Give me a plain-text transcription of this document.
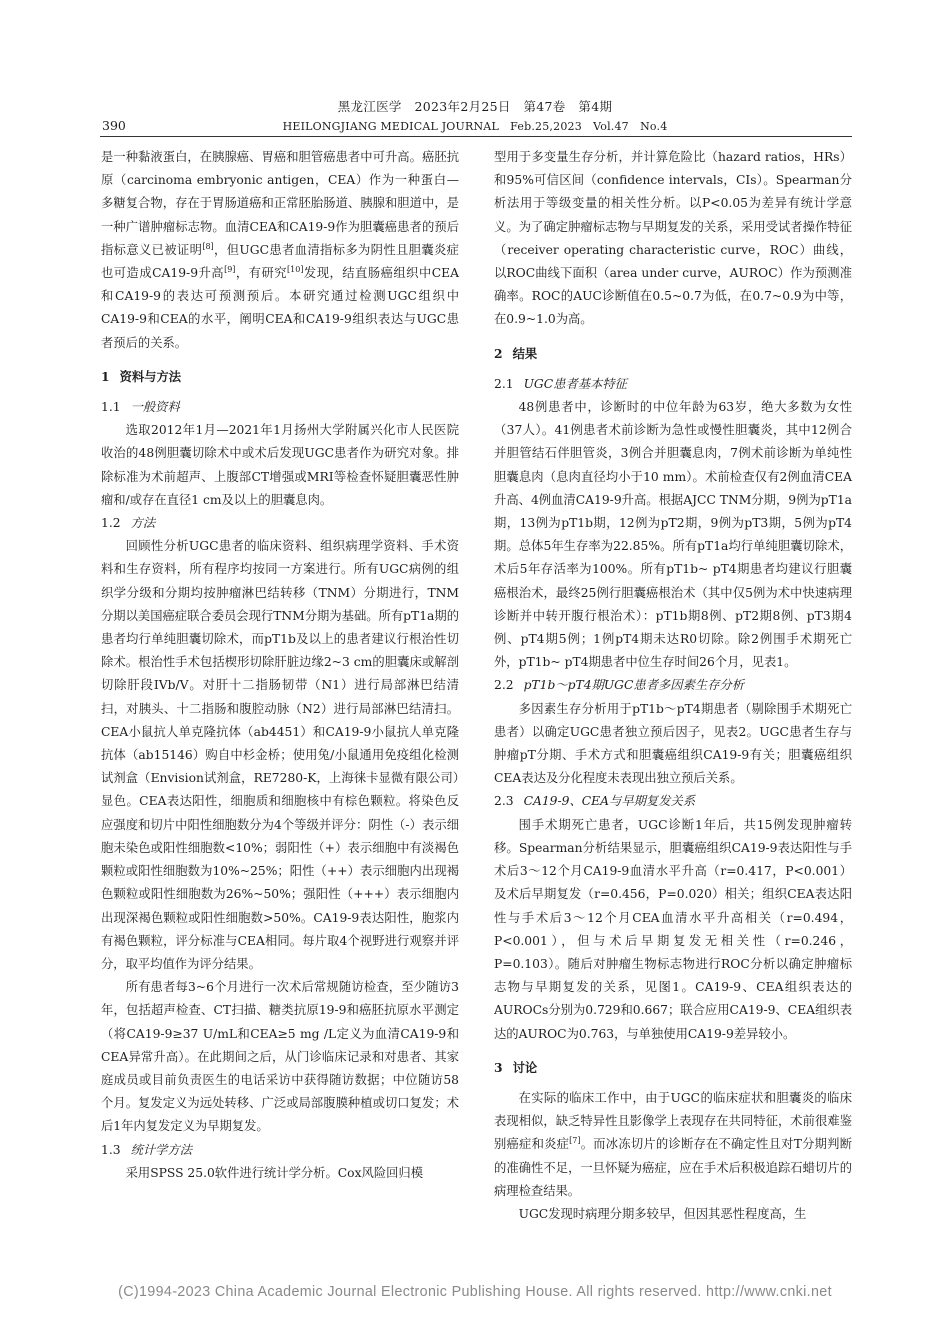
黑龙江医学　2023年2月25日　第47卷　第4期
390	HEILONGJIANG MEDICAL JOURNAL　Feb.25,2023　Vol.47　No.4

是一种黏液蛋白，在胰腺癌、胃癌和胆管癌患者中可升高。癌胚抗原（carcinoma embryonic antigen，CEA）作为一种蛋白—多糖复合物，存在于胃肠道癌和正常胚胎肠道、胰腺和胆道中，是一种广谱肿瘤标志物。血清CEA和CA19-9作为胆囊癌患者的预后指标意义已被证明[8]，但UGC患者血清指标多为阴性且胆囊炎症也可造成CA19-9升高[9]，有研究[10]发现，结直肠癌组织中CEA和CA19-9的表达可预测预后。本研究通过检测UGC组织中CA19-9和CEA的水平，阐明CEA和CA19-9组织表达与UGC患者预后的关系。

1 资料与方法
1.1 一般资料

选取2012年1月—2021年1月扬州大学附属兴化市人民医院收治的48例胆囊切除术中或术后发现UGC患者作为研究对象。排除标准为术前超声、上腹部CT增强或MRI等检查怀疑胆囊恶性肿瘤和/或存在直径1 cm及以上的胆囊息肉。

1.2 方法

回顾性分析UGC患者的临床资料、组织病理学资料、手术资料和生存资料，所有程序均按同一方案进行。所有UGC病例的组织学分级和分期均按肿瘤淋巴结转移（TNM）分期进行，TNM分期以美国癌症联合委员会现行TNM分期为基础。所有pT1a期的患者均行单纯胆囊切除术，而pT1b及以上的患者建议行根治性切除术。根治性手术包括楔形切除肝脏边缘2~3 cm的胆囊床或解剖切除肝段IVb/V。对肝十二指肠韧带（N1）进行局部淋巴结清扫，对胰头、十二指肠和腹腔动脉（N2）进行局部淋巴结清扫。CEA小鼠抗人单克隆抗体（ab4451）和CA19-9小鼠抗人单克隆抗体（ab15146）购自中杉金桥；使用兔/小鼠通用免疫组化检测试剂盒（Envision试剂盒，RE7280-K，上海徕卡显微有限公司）显色。CEA表达阳性，细胞质和细胞核中有棕色颗粒。将染色反应强度和切片中阳性细胞数分为4个等级并评分：阴性（-）表示细胞未染色或阳性细胞数<10%；弱阳性（+）表示细胞中有淡褐色颗粒或阳性细胞数为10%~25%；阳性（++）表示细胞内出现褐色颗粒或阳性细胞数为26%~50%；强阳性（+++）表示细胞内出现深褐色颗粒或阳性细胞数>50%。CA19-9表达阳性，胞浆内有褐色颗粒，评分标准与CEA相同。每片取4个视野进行观察并评分，取平均值作为评分结果。

所有患者每3~6个月进行一次术后常规随访检查，至少随访3年，包括超声检查、CT扫描、糖类抗原19-9和癌胚抗原水平测定（将CA19-9≥37 U/mL和CEA≥5 mg /L定义为血清CA19-9和CEA异常升高）。在此期间之后，从门诊临床记录和对患者、其家庭成员或目前负责医生的电话采访中获得随访数据；中位随访58个月。复发定义为远处转移、广泛或局部腹膜种植或切口复发；术后1年内复发定义为早期复发。

1.3 统计学方法

采用SPSS 25.0软件进行统计学分析。Cox风险回归模

型用于多变量生存分析，并计算危险比（hazard ratios，HRs）和95%可信区间（confidence intervals，CIs）。Spearman分析法用于等级变量的相关性分析。以P<0.05为差异有统计学意义。为了确定肿瘤标志物与早期复发的关系，采用受试者操作特征（receiver operating characteristic curve，ROC）曲线，以ROC曲线下面积（area under curve，AUROC）作为预测准确率。ROC的AUC诊断值在0.5~0.7为低，在0.7~0.9为中等，在0.9~1.0为高。

2 结果
2.1 UGC患者基本特征

48例患者中，诊断时的中位年龄为63岁，绝大多数为女性（37人）。41例患者术前诊断为急性或慢性胆囊炎，其中12例合并胆管结石伴胆管炎，3例合并胆囊息肉，7例术前诊断为单纯性胆囊息肉（息肉直径均小于10 mm）。术前检查仅有2例血清CEA升高、4例血清CA19-9升高。根据AJCC TNM分期，9例为pT1a期，13例为pT1b期，12例为pT2期，9例为pT3期，5例为pT4期。总体5年生存率为22.85%。所有pT1a均行单纯胆囊切除术，术后5年存活率为100%。所有pT1b~ pT4期患者均建议行胆囊癌根治术，最终25例行胆囊癌根治术（其中仅5例为术中快速病理诊断并中转开腹行根治术）：pT1b期8例、pT2期8例、pT3期4例、pT4期5例；1例pT4期未达R0切除。除2例围手术期死亡外，pT1b~ pT4期患者中位生存时间26个月，见表1。

2.2 pT1b～pT4期UGC患者多因素生存分析

多因素生存分析用于pT1b～pT4期患者（剔除围手术期死亡患者）以确定UGC患者独立预后因子，见表2。UGC患者生存与肿瘤pT分期、手术方式和胆囊癌组织CA19-9有关；胆囊癌组织CEA表达及分化程度未表现出独立预后关系。

2.3 CA19-9、CEA与早期复发关系

围手术期死亡患者，UGC诊断1年后，共15例发现肿瘤转移。Spearman分析结果显示，胆囊癌组织CA19-9表达阳性与手术后3～12个月CA19-9血清水平升高（r=0.417，P<0.001）及术后早期复发（r=0.456，P=0.020）相关；组织CEA表达阳性与手术后3～12个月CEA血清水平升高相关（r=0.494，P<0.001），但与术后早期复发无相关性（r=0.246，P=0.103）。随后对肿瘤生物标志物进行ROC分析以确定肿瘤标志物与早期复发的关系，见图1。CA19-9、CEA组织表达的AUROCs分别为0.729和0.667；联合应用CA19-9、CEA组织表达的AUROC为0.763，与单独使用CA19-9差异较小。

3 讨论

在实际的临床工作中，由于UGC的临床症状和胆囊炎的临床表现相似，缺乏特异性且影像学上表现存在共同特征，术前很难鉴别癌症和炎症[7]。而冰冻切片的诊断存在不确定性且对T分期判断的准确性不足，一旦怀疑为癌症，应在手术后积极追踪石蜡切片的病理检查结果。

UGC发现时病理分期多较早，但因其恶性程度高，生

(C)1994-2023 China Academic Journal Electronic Publishing House. All rights reserved. http://www.cnki.net
